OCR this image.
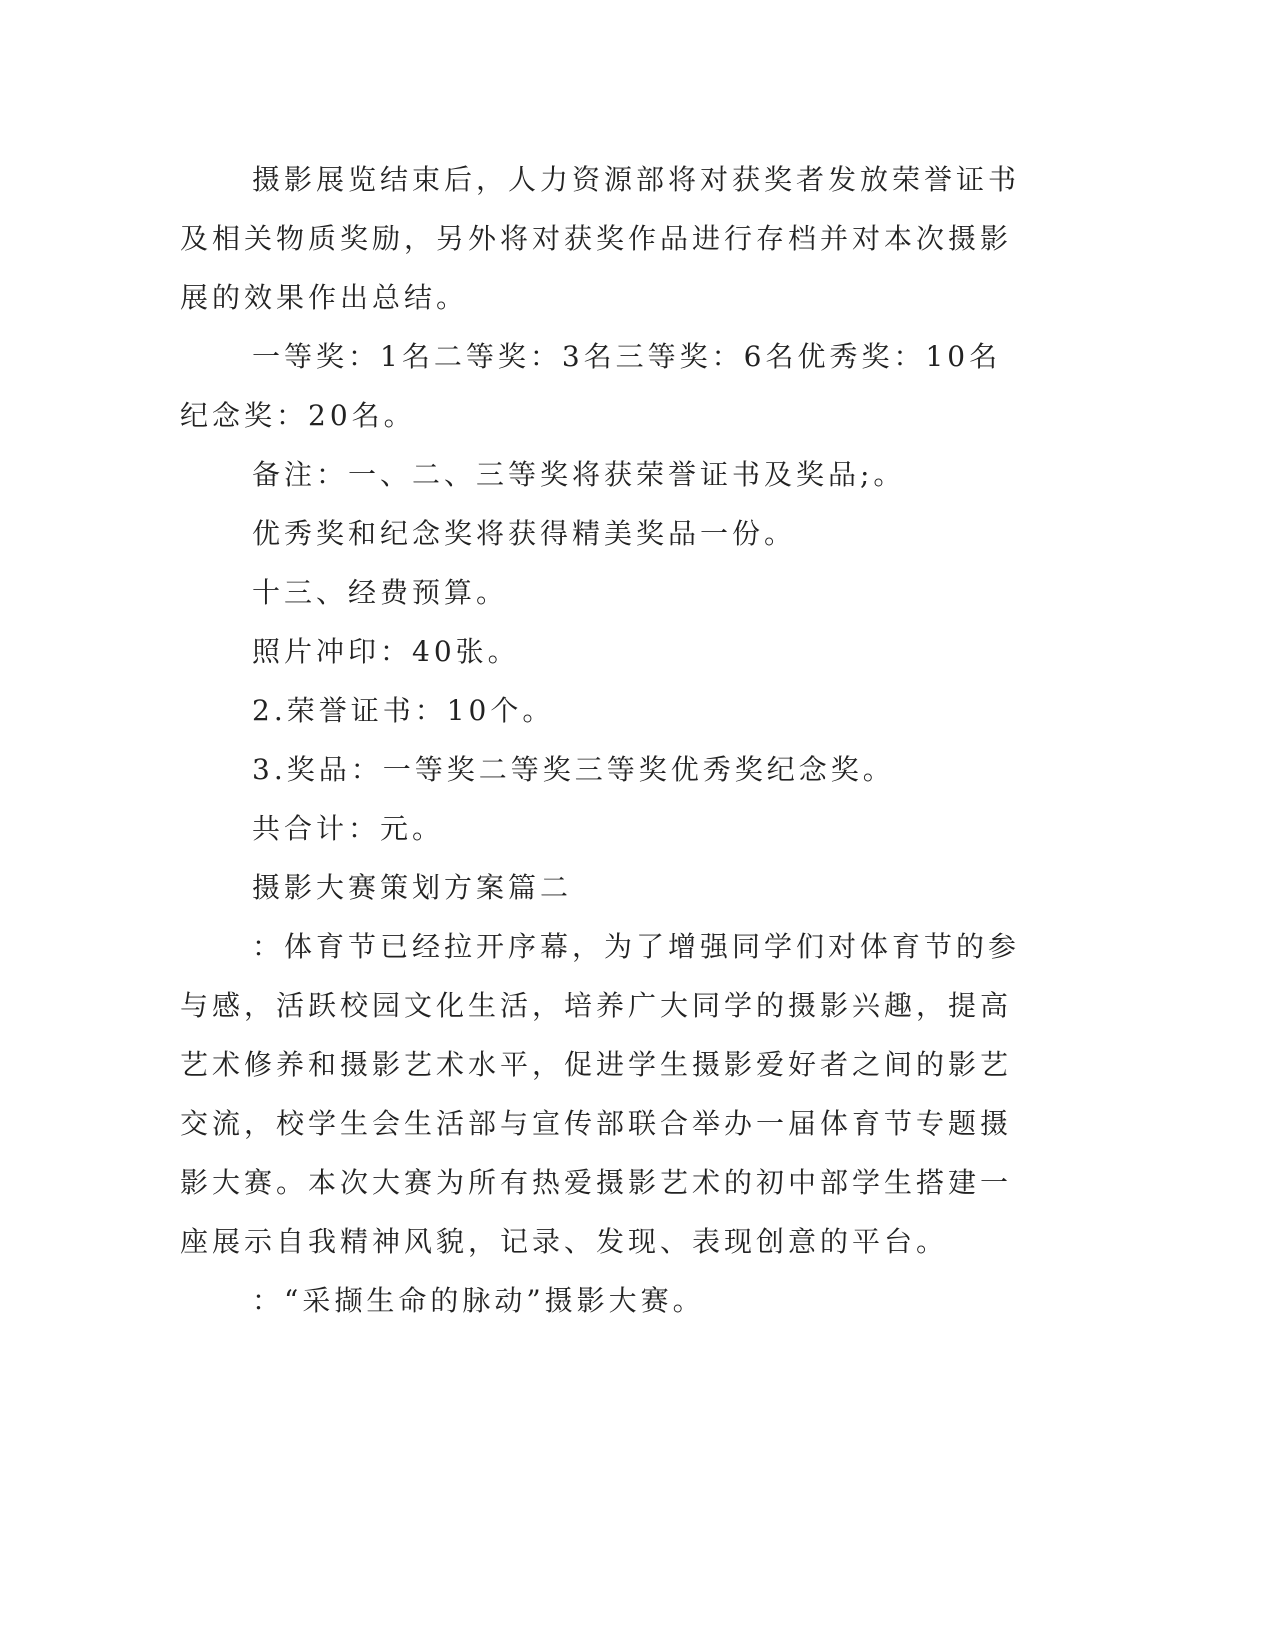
摄影展览结束后，人力资源部将对获奖者发放荣誉证书及相关物质奖励，另外将对获奖作品进行存档并对本次摄影展的效果作出总结。

一等奖：1名二等奖：3名三等奖：6名优秀奖：10名纪念奖：20名。

备注：一、二、三等奖将获荣誉证书及奖品;。

优秀奖和纪念奖将获得精美奖品一份。

十三、经费预算。

照片冲印：40张。

2.荣誉证书：10个。

3.奖品：一等奖二等奖三等奖优秀奖纪念奖。

共合计：元。

摄影大赛策划方案篇二

：体育节已经拉开序幕，为了增强同学们对体育节的参与感，活跃校园文化生活，培养广大同学的摄影兴趣，提高艺术修养和摄影艺术水平，促进学生摄影爱好者之间的影艺交流，校学生会生活部与宣传部联合举办一届体育节专题摄影大赛。本次大赛为所有热爱摄影艺术的初中部学生搭建一座展示自我精神风貌，记录、发现、表现创意的平台。

：“采撷生命的脉动”摄影大赛。
